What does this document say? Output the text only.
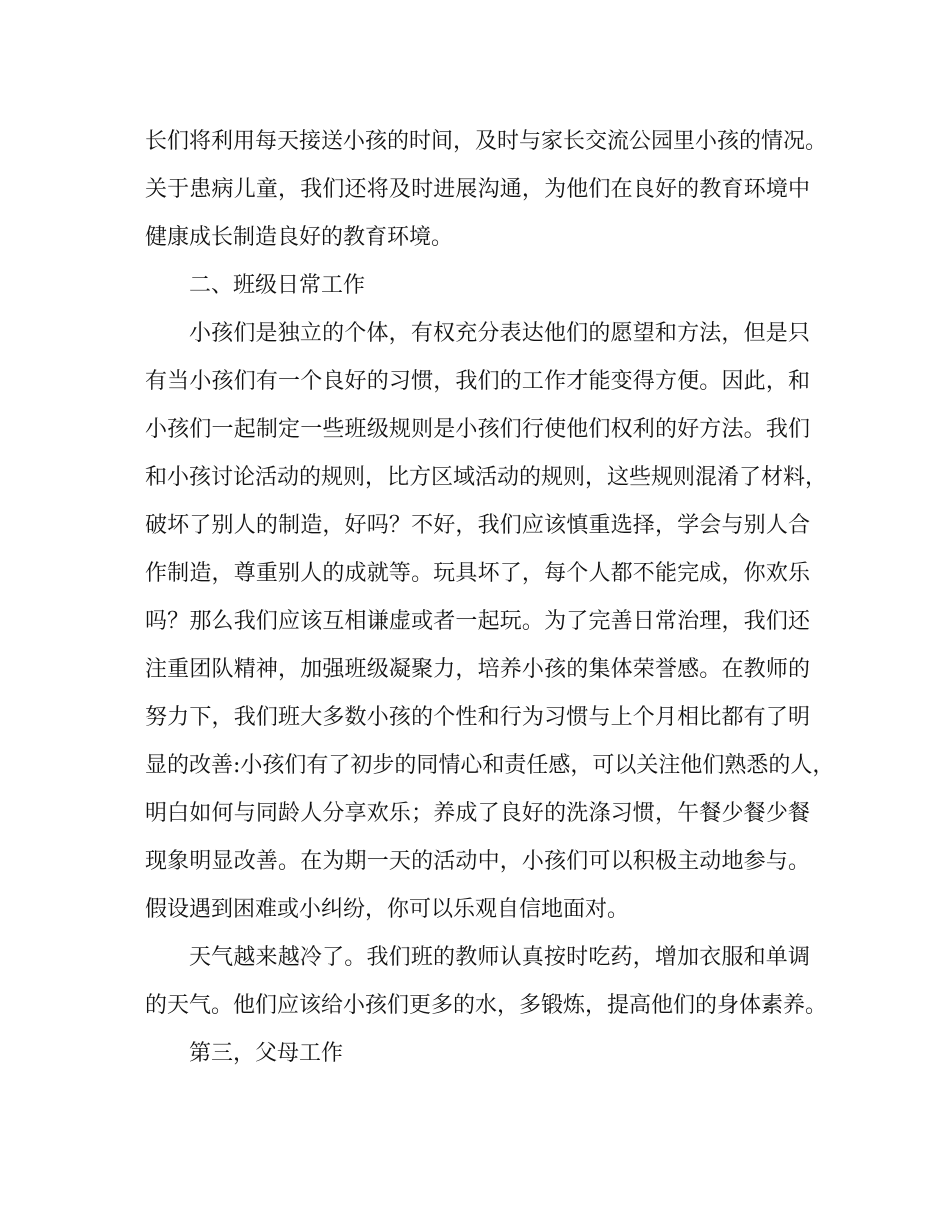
长们将利用每天接送小孩的时间，及时与家长交流公园里小孩的情况。
关于患病儿童，我们还将及时进展沟通，为他们在良好的教育环境中
健康成长制造良好的教育环境。
二、班级日常工作
小孩们是独立的个体，有权充分表达他们的愿望和方法，但是只
有当小孩们有一个良好的习惯，我们的工作才能变得方便。因此，和
小孩们一起制定一些班级规则是小孩们行使他们权利的好方法。我们
和小孩讨论活动的规则，比方区域活动的规则，这些规则混淆了材料，
破坏了别人的制造，好吗？不好，我们应该慎重选择，学会与别人合
作制造，尊重别人的成就等。玩具坏了，每个人都不能完成，你欢乐
吗？那么我们应该互相谦虚或者一起玩。为了完善日常治理，我们还
注重团队精神，加强班级凝聚力，培养小孩的集体荣誉感。在教师的
努力下，我们班大多数小孩的个性和行为习惯与上个月相比都有了明
显的改善:小孩们有了初步的同情心和责任感，可以关注他们熟悉的人，
明白如何与同龄人分享欢乐；养成了良好的洗涤习惯，午餐少餐少餐
现象明显改善。在为期一天的活动中，小孩们可以积极主动地参与。
假设遇到困难或小纠纷，你可以乐观自信地面对。
天气越来越冷了。我们班的教师认真按时吃药，增加衣服和单调
的天气。他们应该给小孩们更多的水，多锻炼，提高他们的身体素养。
第三，父母工作
